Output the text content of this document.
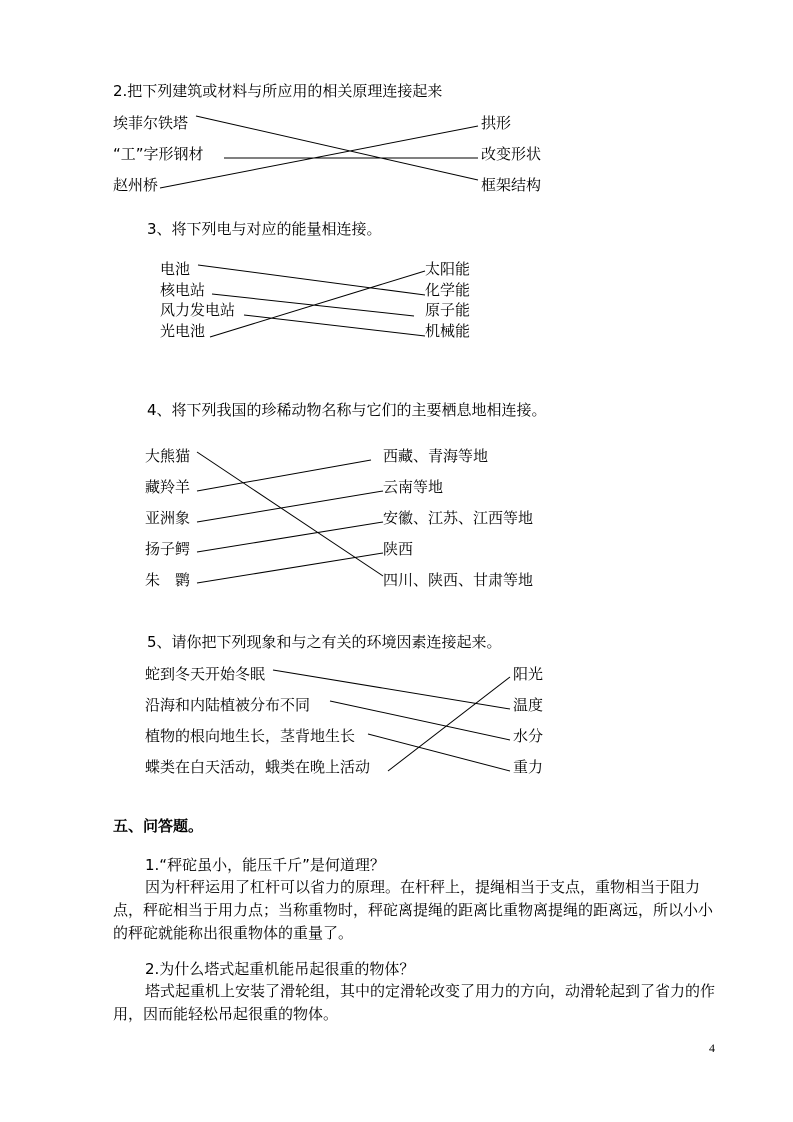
2.把下列建筑或材料与所应用的相关原理连接起来
埃菲尔铁塔
“工”字形钢材
赵州桥
拱形
改变形状
框架结构
3、将下列电与对应的能量相连接。
电池
核电站
风力发电站
光电池
太阳能
化学能
原子能
机械能
4、将下列我国的珍稀动物名称与它们的主要栖息地相连接。
大熊猫
藏羚羊
亚洲象
扬子鳄
朱　鹮
西藏、青海等地
云南等地
安徽、江苏、江西等地
陕西
四川、陕西、甘肃等地
5、请你把下列现象和与之有关的环境因素连接起来。
蛇到冬天开始冬眠
沿海和内陆植被分布不同
植物的根向地生长，茎背地生长
蝶类在白天活动，蛾类在晚上活动
阳光
温度
水分
重力
五、问答题。
1.“秤砣虽小，能压千斤”是何道理？
因为杆秤运用了杠杆可以省力的原理。在杆秤上，提绳相当于支点，重物相当于阻力点，秤砣相当于用力点；当称重物时，秤砣离提绳的距离比重物离提绳的距离远，所以小小的秤砣就能称出很重物体的重量了。
2.为什么塔式起重机能吊起很重的物体？
塔式起重机上安装了滑轮组，其中的定滑轮改变了用力的方向，动滑轮起到了省力的作用，因而能轻松吊起很重的物体。
4
